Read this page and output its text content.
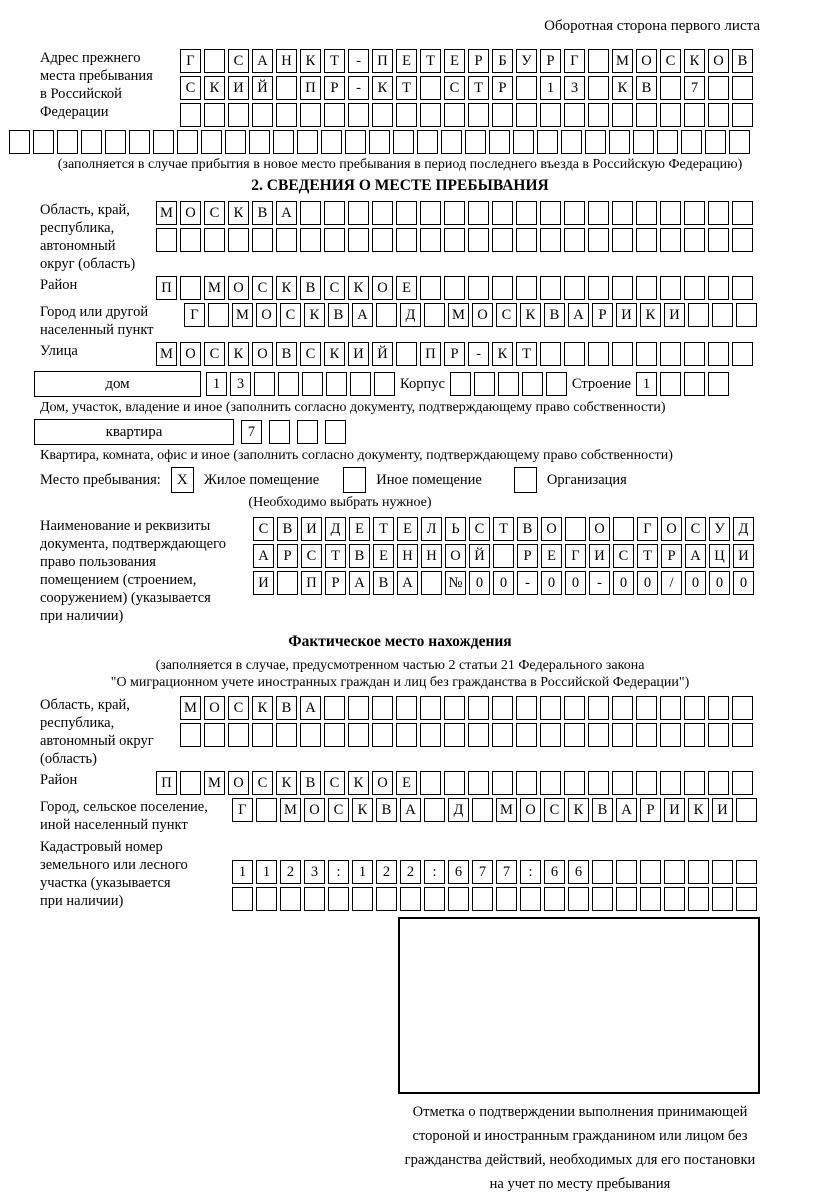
Оборотная сторона первого листа
Адрес прежнего
места пребывания
в Российской
Федерации
Г	С А Н К	Т	-	П Е	Т	Е	Р	Б	У	Р	Г	М О С К О В
С К И Й	П	Р	-	К	Т	С	Т	Р	1	3	К В	7
(заполняется в случае прибытия в новое место пребывания в период последнего въезда в Российскую Федерацию)
2. СВЕДЕНИЯ О МЕСТЕ ПРЕБЫВАНИЯ
Область, край,
республика,
автономный
округ (область)
М О С К В А
Район	П	М О С К В С К О Е
Город или другой
населенный пункт
Г	М О С К В А	Д	М О С К В А	Р	И К И
Улица	М О С К О В С К И Й	П	Р	-	К	Т
дом	1	3	Корпус	Строение 1
Дом, участок, владение и иное (заполнить согласно документу, подтверждающему право собственности)
квартира	7
Квартира, комната, офис и иное (заполнить согласно документу, подтверждающему право собственности)
Место пребывания:	X	Жилое помещение	Иное помещение	Организация
(Необходимо выбрать нужное)
Наименование и реквизиты
документа, подтверждающего
право пользования
помещением (строением,
сооружением) (указывается
при наличии)
С В И Д	Е	Т	Е	Л	Ь	С	Т	В О	О	Г	О С У Д
А	Р	С	Т	В	Е Н Н О Й	Р	Е	Г	И С	Т	Р	А Ц И
И	П	Р	А В А	№ 0	0	-	0	0	-	0	0	/	0	0	0
Фактическое место нахождения
(заполняется в случае, предусмотренном частью 2 статьи 21 Федерального закона
"О миграционном учете иностранных граждан и лиц без гражданства в Российской Федерации")
Область, край,
республика,
автономный округ
(область)
М О С К В А
Район	П	М О С К В С К О Е
Город, сельское поселение,
иной населенный пункт
Г	М О С К В А	Д	М О С К В А	Р	И К И
Кадастровый номер
земельного или лесного
участка (указывается
при наличии)
1	1	2	3	:	1	2	2	:	6	7	7	:	6	6
Отметка о подтверждении выполнения принимающей
стороной и иностранным гражданином или лицом без
гражданства действий, необходимых для его постановки
на учет по месту пребывания
